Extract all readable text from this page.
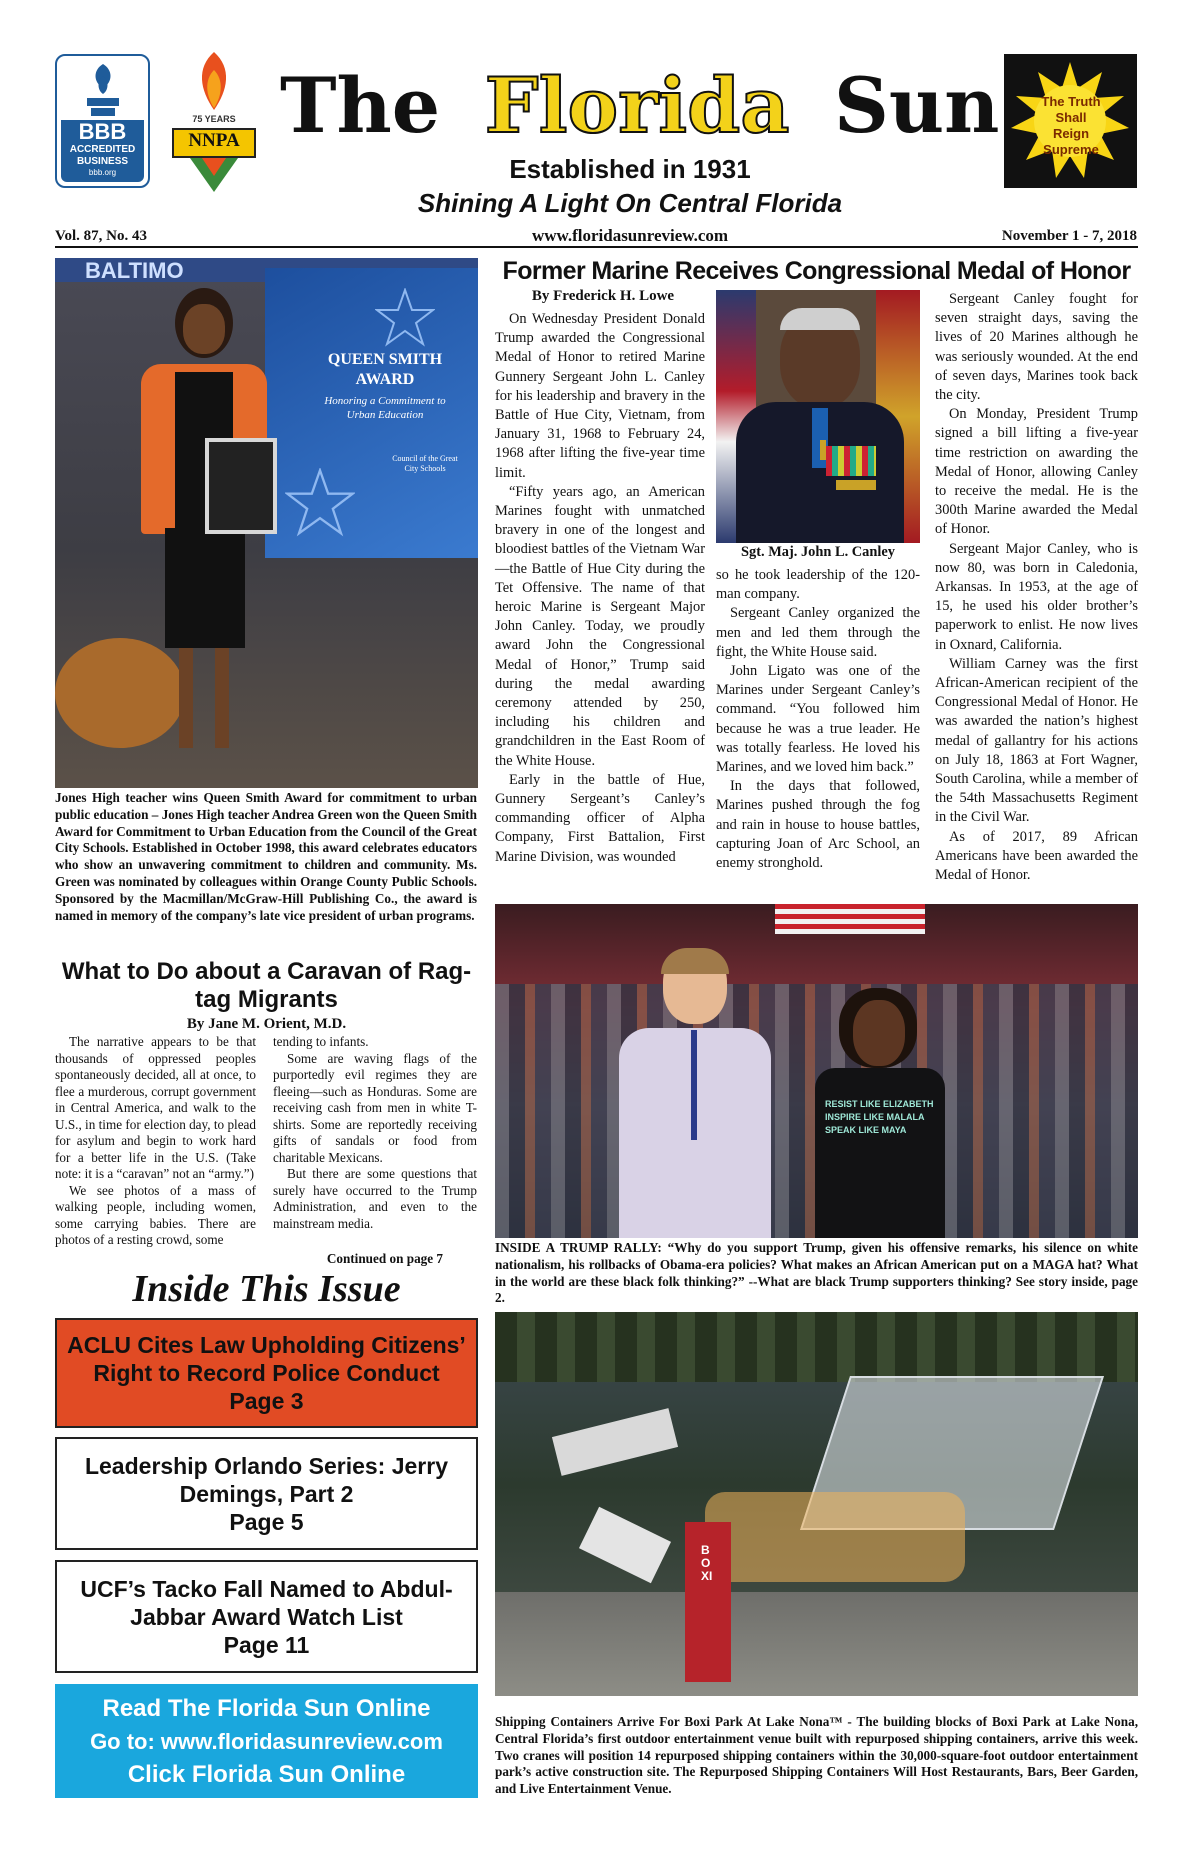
BBB
ACCREDITED
BUSINESS
bbb.org
75 YEARS
NNPA The Florida Sun
Established in 1931
Shining A Light On Central Florida
The Truth Shall Reign Supreme
Vol. 87, No. 43	www.floridasunreview.com	November 1 - 7, 2018
BALTIMO
QUEEN SMITH AWARD
Honoring a Commitment to Urban Education
Council of the Great City Schools
Jones High teacher wins Queen Smith Award for commitment to urban public education – Jones High teacher Andrea Green won the Queen Smith Award for Commitment to Urban Education from the Council of the Great City Schools. Established in October 1998, this award celebrates educators who show an unwavering commitment to children and community. Ms. Green was nominated by colleagues within Orange County Public Schools. Sponsored by the Macmillan/McGraw-Hill Publishing Co., the award is named in memory of the company’s late vice president of urban programs.
What to Do about a Caravan of Rag-tag Migrants
By Jane M. Orient, M.D.

The narrative appears to be that thousands of oppressed peoples spontaneously decided, all at once, to flee a murderous, corrupt government in Central America, and walk to the U.S., in time for election day, to plead for asylum and begin to work hard for a better life in the U.S. (Take note: it is a “caravan” not an “army.”)

We see photos of a mass of walking people, including women, some carrying babies. There are photos of a resting crowd, some

tending to infants.

Some are waving flags of the purportedly evil regimes they are fleeing—such as Honduras. Some are receiving cash from men in white T-shirts. Some are reportedly receiving gifts of sandals or food from charitable Mexicans.

But there are some questions that surely have occurred to the Trump Administration, and even to the mainstream media.

Continued on page 7
Inside This Issue
ACLU Cites Law Upholding Citizens’ Right to Record Police Conduct
Page 3
Leadership Orlando Series: Jerry Demings, Part 2
Page 5
UCF’s Tacko Fall Named to Abdul-Jabbar Award Watch List
Page 11
Read The Florida Sun Online
Go to: www.floridasunreview.com
Click Florida Sun Online
Former Marine Receives Congressional Medal of Honor
By Frederick H. Lowe

On Wednesday President Donald Trump awarded the Congressional Medal of Honor to retired Marine Gunnery Sergeant John L. Canley for his leadership and bravery in the Battle of Hue City, Vietnam, from January 31, 1968 to February 24, 1968 after lifting the five-year time limit.

“Fifty years ago, an American Marines fought with unmatched bravery in one of the longest and bloodiest battles of the Vietnam War—the Battle of Hue City during the Tet Offensive. The name of that heroic Marine is Sergeant Major John Canley. Today, we proudly award John the Congressional Medal of Honor,” Trump said during the medal awarding ceremony attended by 250, including his children and grandchildren in the East Room of the White House.

Early in the battle of Hue, Gunnery Sergeant’s Canley’s commanding officer of Alpha Company, First Battalion, First Marine Division, was wounded

Sgt. Maj. John L. Canley

so he took leadership of the 120-man company.

Sergeant Canley organized the men and led them through the fight, the White House said.

John Ligato was one of the Marines under Sergeant Canley’s command. “You followed him because he was a true leader. He was totally fearless. He loved his Marines, and we loved him back.”

In the days that followed, Marines pushed through the fog and rain in house to house battles, capturing Joan of Arc School, an enemy stronghold.

Sergeant Canley fought for seven straight days, saving the lives of 20 Marines although he was seriously wounded. At the end of seven days, Marines took back the city.

On Monday, President Trump signed a bill lifting a five-year time restriction on awarding the Medal of Honor, allowing Canley to receive the medal. He is the 300th Marine awarded the Medal of Honor.

Sergeant Major Canley, who is now 80, was born in Caledonia, Arkansas. In 1953, at the age of 15, he used his older brother’s paperwork to enlist. He now lives in Oxnard, California.

William Carney was the first African-American recipient of the Congressional Medal of Honor. He was awarded the nation’s highest medal of gallantry for his actions on July 18, 1863 at Fort Wagner, South Carolina, while a member of the 54th Massachusetts Regiment in the Civil War.

As of 2017, 89 African Americans have been awarded the Medal of Honor.

RESIST LIKE ELIZABETH INSPIRE LIKE MALALA SPEAK LIKE MAYA
INSIDE A TRUMP RALLY: “Why do you support Trump, given his offensive remarks, his silence on white nationalism, his rollbacks of Obama-era policies? What makes an African American put on a MAGA hat? What in the world are these black folk thinking?” --What are black Trump supporters thinking? See story inside, page 2.
BOXI
Shipping Containers Arrive For Boxi Park At Lake Nona™ - The building blocks of Boxi Park at Lake Nona, Central Florida’s first outdoor entertainment venue built with repurposed shipping containers, arrive this week. Two cranes will position 14 repurposed shipping containers within the 30,000-square-foot outdoor entertainment park’s active construction site. The Repurposed Shipping Containers Will Host Restaurants, Bars, Beer Garden, and Live Entertainment Venue.
